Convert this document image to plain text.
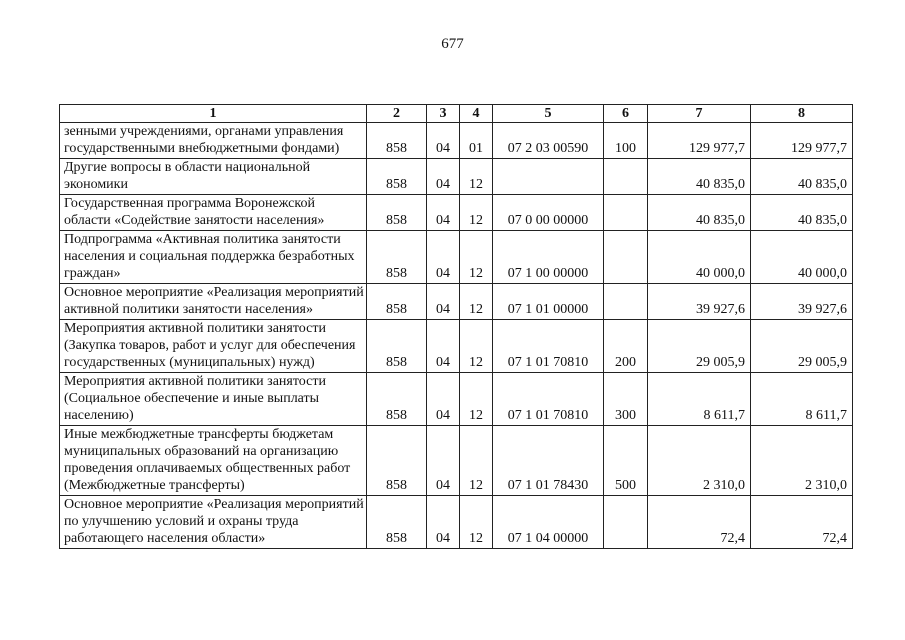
677
1	2	3	4	5	6	7	8
зенными учреждениями, органами управления государственными внебюджетными фондами)	858	04	01	07 2 03 00590	100	129 977,7	129 977,7
Другие вопросы в области национальной экономики	858	04	12			40 835,0	40 835,0
Государственная программа Воронежской области «Содействие занятости населения»	858	04	12	07 0 00 00000		40 835,0	40 835,0
Подпрограмма «Активная политика занятости населения и социальная поддержка безработных граждан»	858	04	12	07 1 00 00000		40 000,0	40 000,0
Основное мероприятие «Реализация мероприятий активной политики занятости населения»	858	04	12	07 1 01 00000		39 927,6	39 927,6
Мероприятия активной политики занятости (Закупка товаров, работ и услуг для обеспечения государственных (муниципальных) нужд)	858	04	12	07 1 01 70810	200	29 005,9	29 005,9
Мероприятия активной политики занятости (Социальное обеспечение и иные выплаты населению)	858	04	12	07 1 01 70810	300	8 611,7	8 611,7
Иные межбюджетные трансферты бюджетам муниципальных образований на организацию проведения оплачиваемых общественных работ (Межбюджетные трансферты)	858	04	12	07 1 01 78430	500	2 310,0	2 310,0
Основное мероприятие «Реализация мероприятий по улучшению условий и охраны труда работающего населения области»	858	04	12	07 1 04 00000		72,4	72,4
